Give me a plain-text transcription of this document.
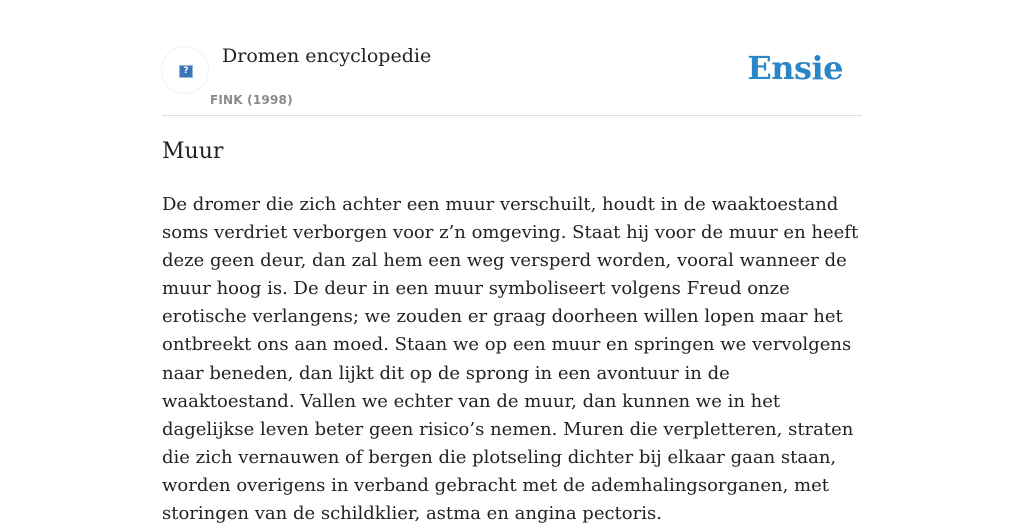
?
Dromen encyclopedie
FINK (1998)
Ensie
Muur

De dromer die zich achter een muur verschuilt, houdt in de waaktoestand soms verdriet verborgen voor z’n omgeving. Staat hij voor de muur en heeft deze geen deur, dan zal hem een weg versperd worden, vooral wanneer de muur hoog is. De deur in een muur symboliseert volgens Freud onze erotische verlangens; we zouden er graag doorheen willen lopen maar het ontbreekt ons aan moed. Staan we op een muur en springen we vervolgens naar beneden, dan lijkt dit op de sprong in een avontuur in de waaktoestand. Vallen we echter van de muur, dan kunnen we in het dagelijkse leven beter geen risico’s nemen. Muren die verpletteren, straten die zich vernauwen of bergen die plotseling dichter bij elkaar gaan staan, worden overigens in verband gebracht met de ademhalingsorganen, met storingen van de schildklier, astma en angina pectoris.
